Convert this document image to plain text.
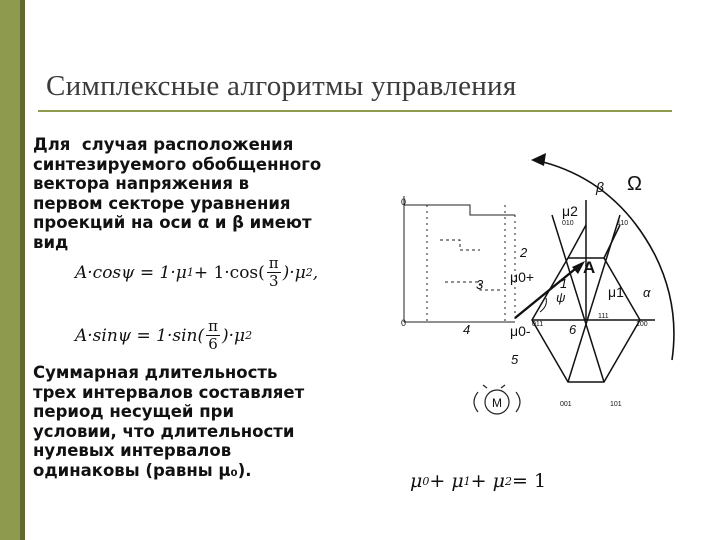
Симплексные алгоритмы управления
Для  случая расположения
синтезируемого обобщенного
вектора напряжения в
первом секторе уравнения
проекций на оси α и β имеют
вид
A·cosψ = 1·μ $1 + 1\cdot\cos( \frac{\pi}{3} )\cdot\mu$ 2 ,
$A\cdot\sin\psi = 1\cdot\sin( \frac{\pi}{6} )\cdot\mu$ 2
Суммарная длительность
трех интервалов составляет
период несущей при
условии, что длительности
нулевых интервалов
одинаковы (равны μ₀).	μ 0 + μ 1 + μ 2 = 1
Ω
β
0
0
A
ψ	μ1
μ2
μ0+
μ0-
α
1
2
3
4
5
6
110
010
100
011
001	101
111
M
